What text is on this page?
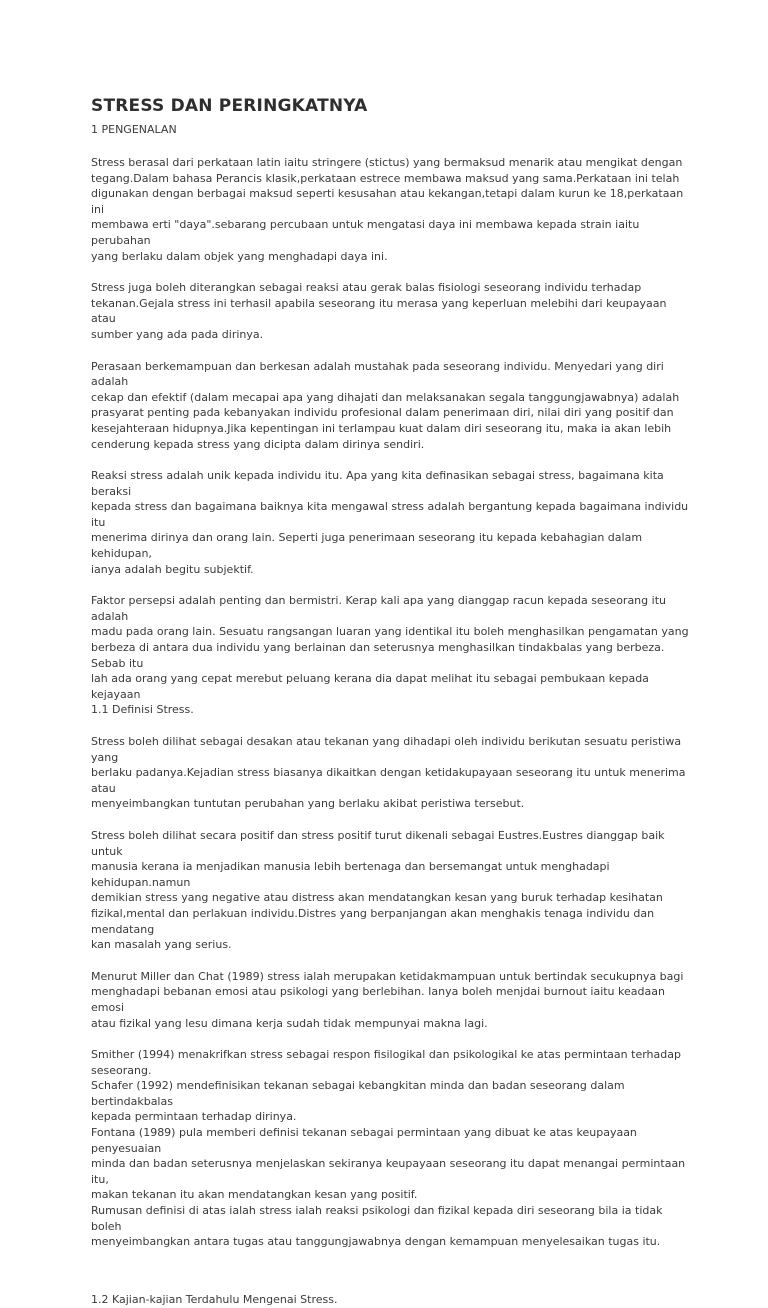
STRESS DAN PERINGKATNYA
1 PENGENALAN
Stress berasal dari perkataan latin iaitu stringere (stictus) yang bermaksud menarik atau mengikat dengan
tegang.Dalam bahasa Perancis klasik,perkataan estrece membawa maksud yang sama.Perkataan ini telah
digunakan dengan berbagai maksud seperti kesusahan atau kekangan,tetapi dalam kurun ke 18,perkataan ini
membawa erti "daya".sebarang percubaan untuk mengatasi daya ini membawa kepada strain iaitu perubahan
yang berlaku dalam objek yang menghadapi daya ini.
Stress juga boleh diterangkan sebagai reaksi atau gerak balas fisiologi seseorang individu terhadap
tekanan.Gejala stress ini terhasil apabila seseorang itu merasa yang keperluan melebihi dari keupayaan atau
sumber yang ada pada dirinya.
Perasaan berkemampuan dan berkesan adalah mustahak pada seseorang individu. Menyedari yang diri adalah
cekap dan efektif (dalam mecapai apa yang dihajati dan melaksanakan segala tanggungjawabnya) adalah
prasyarat penting pada kebanyakan individu profesional dalam penerimaan diri, nilai diri yang positif dan
kesejahteraan hidupnya.Jika kepentingan ini terlampau kuat dalam diri seseorang itu, maka ia akan lebih
cenderung kepada stress yang dicipta dalam dirinya sendiri.
Reaksi stress adalah unik kepada individu itu. Apa yang kita definasikan sebagai stress, bagaimana kita beraksi
kepada stress dan bagaimana baiknya kita mengawal stress adalah bergantung kepada bagaimana individu itu
menerima dirinya dan orang lain. Seperti juga penerimaan seseorang itu kepada kebahagian dalam kehidupan,
ianya adalah begitu subjektif.
Faktor persepsi adalah penting dan bermistri. Kerap kali apa yang dianggap racun kepada seseorang itu adalah
madu pada orang lain. Sesuatu rangsangan luaran yang identikal itu boleh menghasilkan pengamatan yang
berbeza di antara dua individu yang berlainan dan seterusnya menghasilkan tindakbalas yang berbeza. Sebab itu
lah ada orang yang cepat merebut peluang kerana dia dapat melihat itu sebagai pembukaan kepada kejayaan
1.1 Definisi Stress.
Stress boleh dilihat sebagai desakan atau tekanan yang dihadapi oleh individu berikutan sesuatu peristiwa yang
berlaku padanya.Kejadian stress biasanya dikaitkan dengan ketidakupayaan seseorang itu untuk menerima atau
menyeimbangkan tuntutan perubahan yang berlaku akibat peristiwa tersebut.
Stress boleh dilihat secara positif dan stress positif turut dikenali sebagai Eustres.Eustres dianggap baik untuk
manusia kerana ia menjadikan manusia lebih bertenaga dan bersemangat untuk menghadapi kehidupan.namun
demikian stress yang negative atau distress akan mendatangkan kesan yang buruk terhadap kesihatan
fizikal,mental dan perlakuan individu.Distres yang berpanjangan akan menghakis tenaga individu dan mendatang
kan masalah yang serius.
Menurut Miller dan Chat (1989) stress ialah merupakan ketidakmampuan untuk bertindak secukupnya bagi
menghadapi bebanan emosi atau psikologi yang berlebihan. Ianya boleh menjdai burnout iaitu keadaan emosi
atau fizikal yang lesu dimana kerja sudah tidak mempunyai makna lagi.
Smither (1994) menakrifkan stress sebagai respon fisilogikal dan psikologikal ke atas permintaan terhadap
seseorang.
Schafer (1992) mendefinisikan tekanan sebagai kebangkitan minda dan badan seseorang dalam bertindakbalas
kepada permintaan terhadap dirinya.
Fontana (1989) pula memberi definisi tekanan sebagai permintaan yang dibuat ke atas keupayaan penyesuaian
minda dan badan seterusnya menjelaskan sekiranya keupayaan seseorang itu dapat menangai permintaan itu,
makan tekanan itu akan mendatangkan kesan yang positif.
Rumusan definisi di atas ialah stress ialah reaksi psikologi dan fizikal kepada diri seseorang bila ia tidak boleh
menyeimbangkan antara tugas atau tanggungjawabnya dengan kemampuan menyelesaikan tugas itu.
1.2 Kajian-kajian Terdahulu Mengenai Stress.
